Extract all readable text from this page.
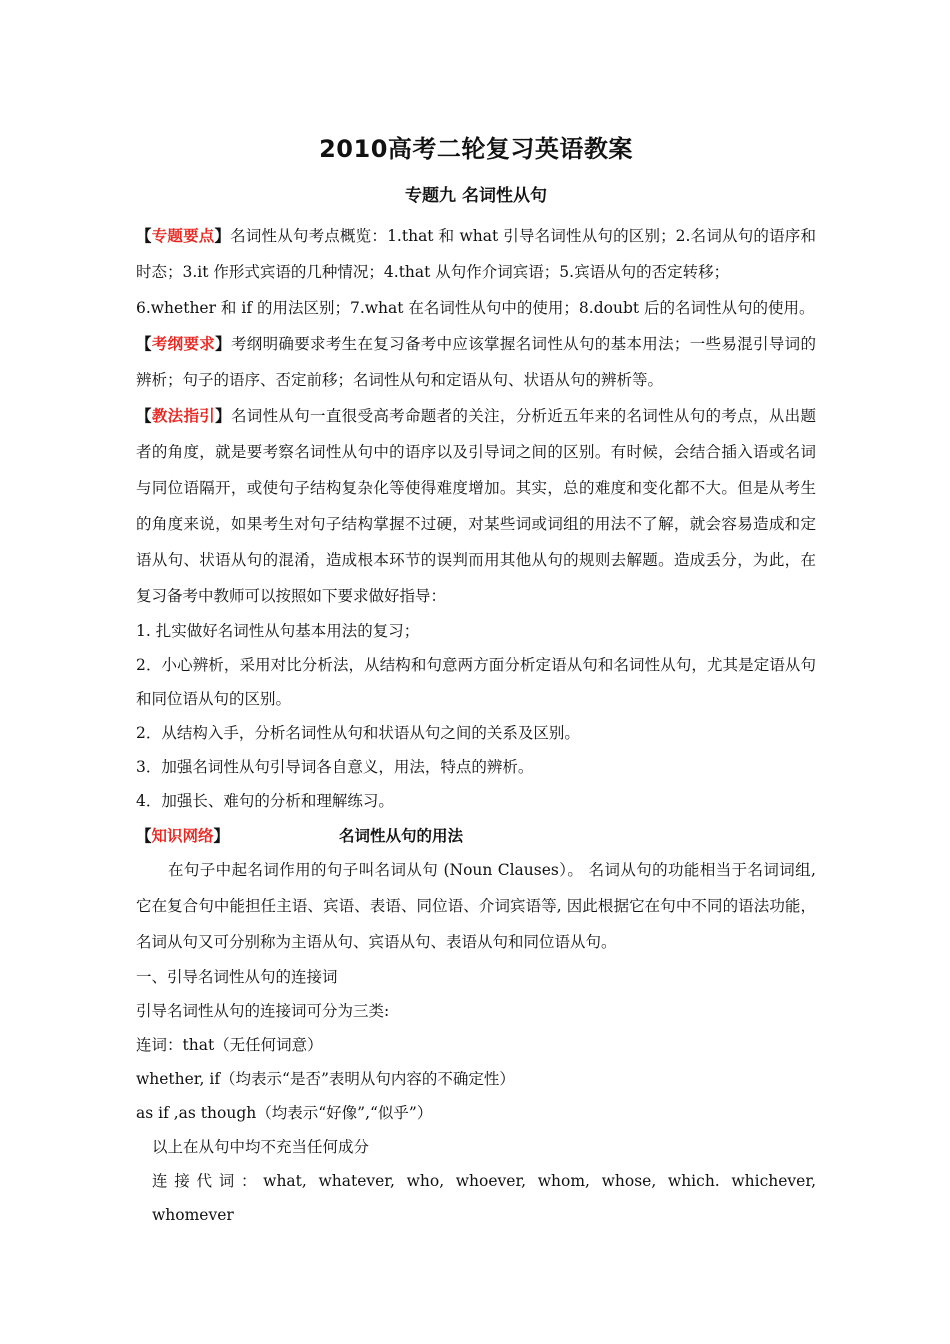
2010高考二轮复习英语教案
专题九 名词性从句

【专题要点】名词性从句考点概览：1.that 和 what 引导名词性从句的区别；2.名词从句的语序和时态；3.it 作形式宾语的几种情况；4.that 从句作介词宾语；5.宾语从句的否定转移；

6.whether 和 if 的用法区别；7.what 在名词性从句中的使用；8.doubt 后的名词性从句的使用。

【考纲要求】考纲明确要求考生在复习备考中应该掌握名词性从句的基本用法；一些易混引导词的辨析；句子的语序、否定前移；名词性从句和定语从句、状语从句的辨析等。

【教法指引】名词性从句一直很受高考命题者的关注，分析近五年来的名词性从句的考点，从出题者的角度，就是要考察名词性从句中的语序以及引导词之间的区别。有时候，会结合插入语或名词与同位语隔开，或使句子结构复杂化等使得难度增加。其实，总的难度和变化都不大。但是从考生的角度来说，如果考生对句子结构掌握不过硬，对某些词或词组的用法不了解，就会容易造成和定语从句、状语从句的混淆，造成根本环节的误判而用其他从句的规则去解题。造成丢分，为此，在复习备考中教师可以按照如下要求做好指导：

1. 扎实做好名词性从句基本用法的复习；

2．小心辨析，采用对比分析法，从结构和句意两方面分析定语从句和名词性从句，尤其是定语从句和同位语从句的区别。

2．从结构入手，分析名词性从句和状语从句之间的关系及区别。

3．加强名词性从句引导词各自意义，用法，特点的辨析。

4．加强长、难句的分析和理解练习。

【知识网络】	名词性从句的用法

在句子中起名词作用的句子叫名词从句 (Noun Clauses）。 名词从句的功能相当于名词词组, 它在复合句中能担任主语、宾语、表语、同位语、介词宾语等, 因此根据它在句中不同的语法功能，名词从句又可分别称为主语从句、宾语从句、表语从句和同位语从句。

一、引导名词性从句的连接词

引导名词性从句的连接词可分为三类:

连词：that（无任何词意）

whether, if（均表示“是否”表明从句内容的不确定性）

as if ,as though（均表示“好像”,“似乎”）

以上在从句中均不充当任何成分

连接代词：what, whatever, who, whoever, whom, whose, which. whichever, whomever
